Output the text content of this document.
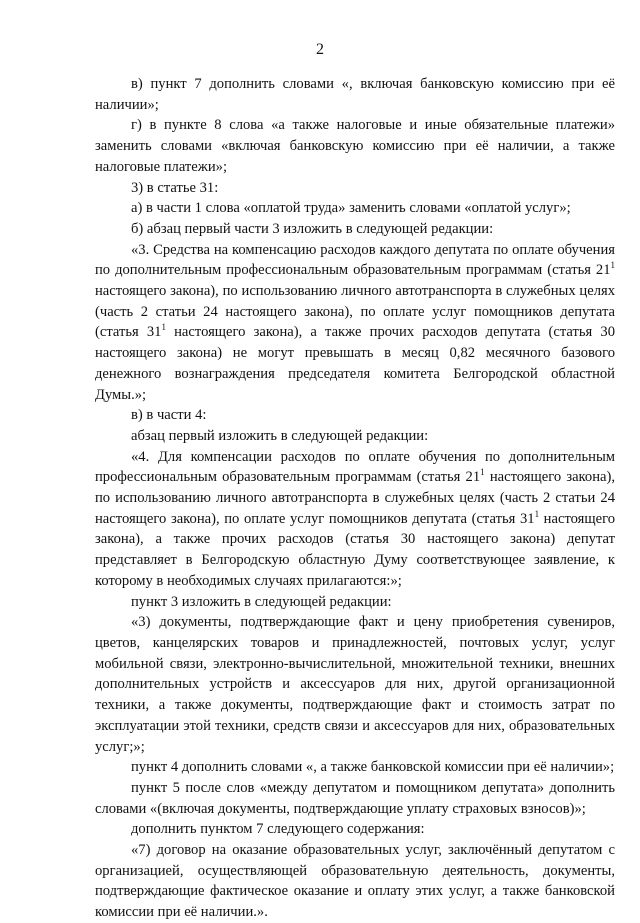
2

в) пункт 7 дополнить словами «, включая банковскую комиссию при её наличии»;

г) в пункте 8 слова «а также налоговые и иные обязательные платежи» заменить словами «включая банковскую комиссию при её наличии, а также налоговые платежи»;

3) в статье 31:

а) в части 1 слова «оплатой труда» заменить словами «оплатой услуг»;

б) абзац первый части 3 изложить в следующей редакции:

«3. Средства на компенсацию расходов каждого депутата по оплате обучения по дополнительным профессиональным образовательным программам (статья $21^1$ настоящего закона), по использованию личного автотранспорта в служебных целях (часть 2 статьи 24 настоящего закона), по оплате услуг помощников депутата (статья $31^1$ настоящего закона), а также прочих расходов депутата (статья 30 настоящего закона) не могут превышать в месяц 0,82 месячного базового денежного вознаграждения председателя комитета Белгородской областной Думы.»;

в) в части 4:

абзац первый изложить в следующей редакции:

«4. Для компенсации расходов по оплате обучения по дополнительным профессиональным образовательным программам (статья $21^1$ настоящего закона), по использованию личного автотранспорта в служебных целях (часть 2 статьи 24 настоящего закона), по оплате услуг помощников депутата (статья $31^1$ настоящего закона), а также прочих расходов (статья 30 настоящего закона) депутат представляет в Белгородскую областную Думу соответствующее заявление, к которому в необходимых случаях прилагаются:»;

пункт 3 изложить в следующей редакции:

«3) документы, подтверждающие факт и цену приобретения сувениров, цветов, канцелярских товаров и принадлежностей, почтовых услуг, услуг мобильной связи, электронно-вычислительной, множительной техники, внешних дополнительных устройств и аксессуаров для них, другой организационной техники, а также документы, подтверждающие факт и стоимость затрат по эксплуатации этой техники, средств связи и аксессуаров для них, образовательных услуг;»;

пункт 4 дополнить словами «, а также банковской комиссии при её наличии»;

пункт 5 после слов «между депутатом и помощником депутата» дополнить словами «(включая документы, подтверждающие уплату страховых взносов)»;

дополнить пунктом 7 следующего содержания:

«7) договор на оказание образовательных услуг, заключённый депутатом с организацией, осуществляющей образовательную деятельность, документы, подтверждающие фактическое оказание и оплату этих услуг, а также банковской комиссии при её наличии.».
